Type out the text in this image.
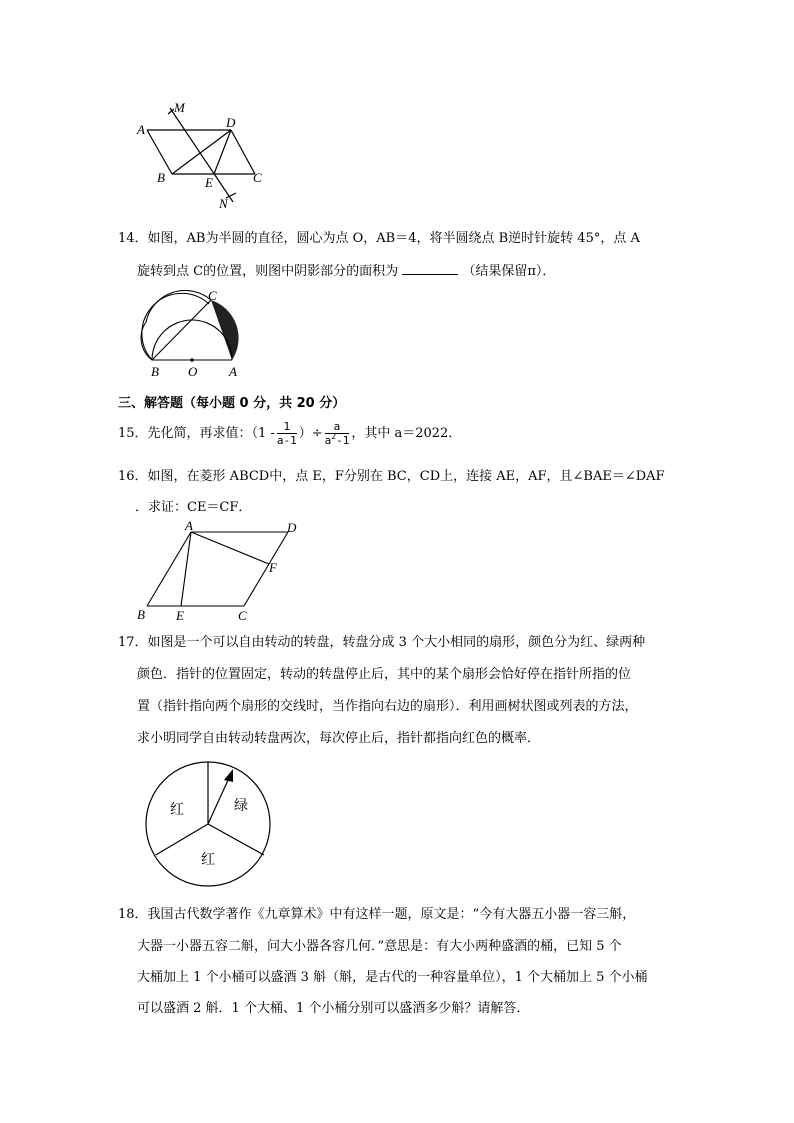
M
A	D
B	E	C
N
14．如图，AB为半圆的直径，圆心为点 O，AB＝4，将半圆绕点 B逆时针旋转 45°，点 A
旋转到点 C的位置，则图中阴影部分的面积为	（结果保留π）．
C
B O A
三、解答题（每小题 0 分，共 20 分）
15． 先化简，再求值：（$1 - \frac{1}{a-1}$ ）÷ $\frac{a}{a^2-1}$ ，其中 a＝2022．
16．如图，在菱形 ABCD中，点 E，F分别在 BC，CD上，连接 AE，AF，且∠BAE＝∠DAF
．求证：CE＝CF．
A	D
F
B E	C
17．如图是一个可以自由转动的转盘，转盘分成 3 个大小相同的扇形，颜色分为红、绿两种
颜色．指针的位置固定，转动的转盘停止后，其中的某个扇形会恰好停在指针所指的位
置（指针指向两个扇形的交线时，当作指向右边的扇形）．利用画树状图或列表的方法，
求小明同学自由转动转盘两次，每次停止后，指针都指向红色的概率．
红	绿
红
18．我国古代数学著作《九章算术》中有这样一题，原文是：“今有大器五小器一容三斛，
大器一小器五容二斛，问大小器各容几何．”意思是：有大小两种盛酒的桶，已知 5 个
大桶加上 1 个小桶可以盛酒 3 斛（斛，是古代的一种容量单位），1 个大桶加上 5 个小桶
可以盛酒 2 斛．1 个大桶、1 个小桶分别可以盛酒多少斛？请解答．
